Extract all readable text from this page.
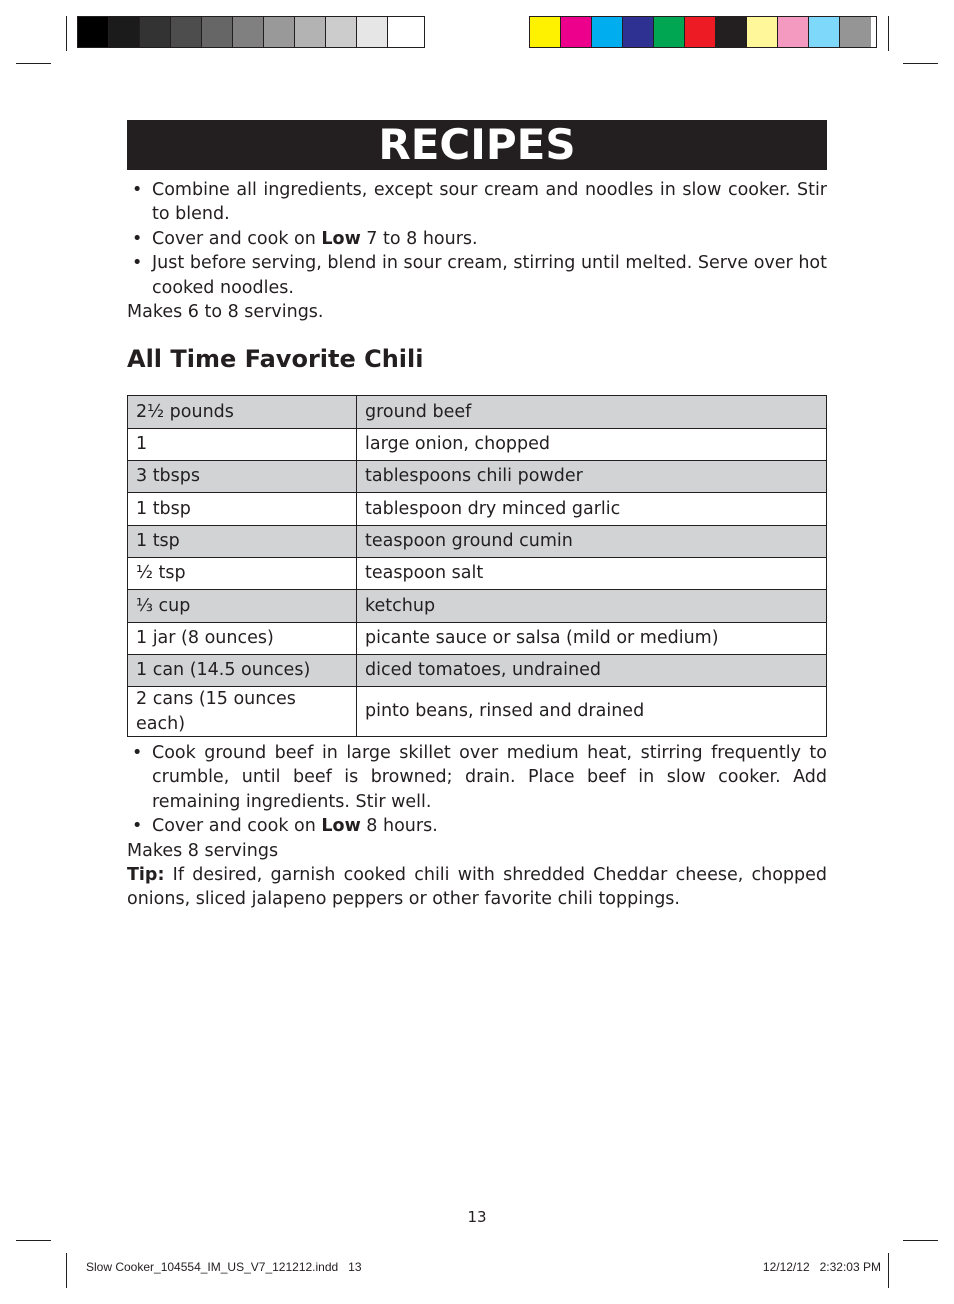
RECIPES
• Combine all ingredients, except sour cream and noodles in slow cooker. Stir to blend.
• Cover and cook on Low 7 to 8 hours.
• Just before serving, blend in sour cream, stirring until melted. Serve over hot cooked noodles.

Makes 6 to 8 servings.

All Time Favorite Chili
2½ pounds	ground beef
1	large onion, chopped
3 tbsps	tablespoons chili powder
1 tbsp	tablespoon dry minced garlic
1 tsp	teaspoon ground cumin
½ tsp	teaspoon salt
⅓ cup	ketchup
1 jar (8 ounces)	picante sauce or salsa (mild or medium)
1 can (14.5 ounces)	diced tomatoes, undrained
2 cans (15 ounces each)	pinto beans, rinsed and drained
• Cook ground beef in large skillet over medium heat, stirring frequently to crumble, until beef is browned; drain. Place beef in slow cooker. Add remaining ingredients. Stir well.
• Cover and cook on Low 8 hours.

Makes 8 servings

Tip: If desired, garnish cooked chili with shredded Cheddar cheese, chopped onions, sliced jalapeno peppers or other favorite chili toppings.

13
Slow Cooker_104554_IM_US_V7_121212.indd   13	12/12/12   2:32:03 PM
